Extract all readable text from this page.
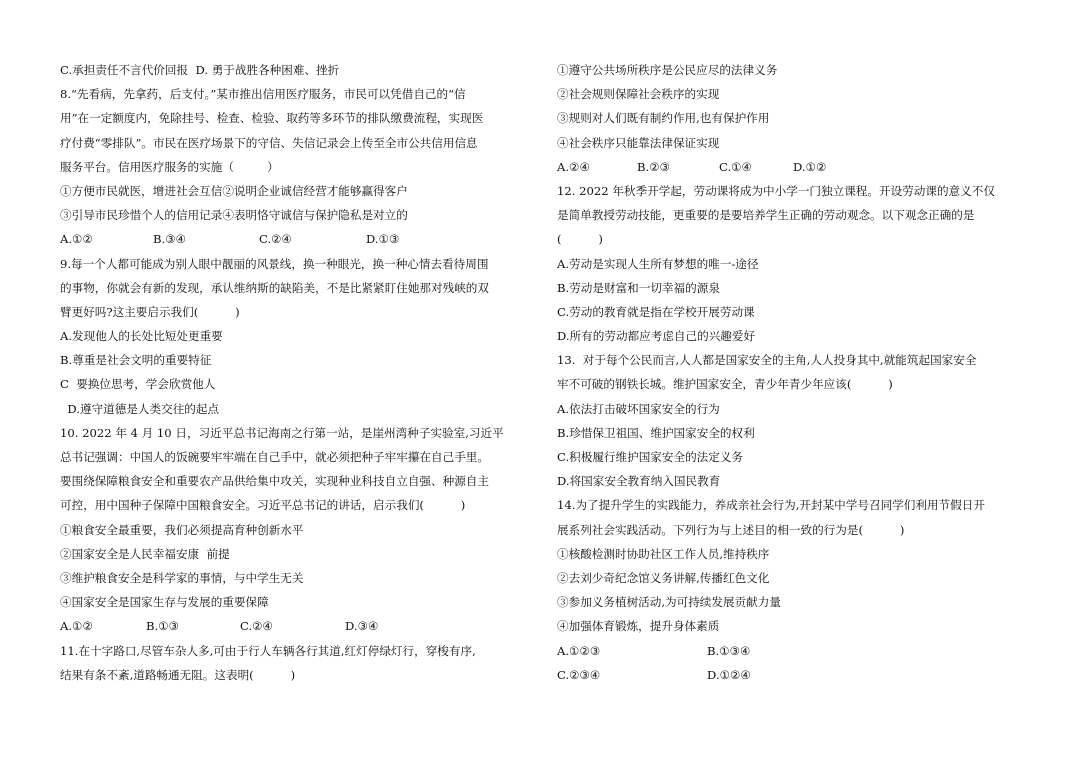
C.承担责任不言代价回报  D. 勇于战胜各种困难、挫折
8.“先看病，先拿药，后支付。”某市推出信用医疗服务，市民可以凭借自己的“信
用”在一定额度内，免除挂号、检查、检验、取药等多环节的排队缴费流程，实现医
疗付费“零排队”。市民在医疗场景下的守信、失信记录会上传至全市公共信用信息
服务平台。信用医疗服务的实施（         ）
①方便市民就医，增进社会互信②说明企业诚信经营才能够赢得客户
③引导市民珍惜个人的信用记录④表明恪守诚信与保护隐私是对立的
A.①②	B.③④	C.②④	D.①③
9.每一个人都可能成为别人眼中靓丽的风景线，换一种眼光，换一种心情去看待周围
的事物，你就会有新的发现，承认维纳斯的缺陷美，不是比紧紧盯住她那对残峡的双
臂更好吗?这主要启示我们(          )
A.发现他人的长处比短处更重要
B.尊重是社会文明的重要特征
C  要换位思考，学会欣赏他人
D.遵守道德是人类交往的起点
10. 2022 年 4 月 10 日，习近平总书记海南之行第一站，是崖州湾种子实验室,习近平
总书记强调：中国人的饭碗要牢牢端在自己手中，就必须把种子牢牢攥在自己手里。
要围绕保障粮食安全和重要农产品供给集中攻关，实现种业科技自立自强、种源自主
可控，用中国种子保障中国粮食安全。习近平总书记的讲话，启示我们(          )
①粮食安全最重要，我们必须提高育种创新水平
②国家安全是人民幸福安康  前提
③维护粮食安全是科学家的事情，与中学生无关
④国家安全是国家生存与发展的重要保障
A.①②	B.①③	C.②④	D.③④
11.在十字路口,尽管车杂人多,可由于行人车辆各行其道,红灯停绿灯行，穿梭有序,
结果有条不紊,道路畅通无阻。这表明(          )
①遵守公共场所秩序是公民应尽的法律义务
②社会规则保障社会秩序的实现
③规则对人们既有制约作用,也有保护作用
④社会秩序只能靠法律保证实现
A.②④	B.②③	C.①④	D.①②
12. 2022 年秋季开学起，劳动课将成为中小学一门独立课程。开设劳动课的意义不仅
是简单教授劳动技能，更重要的是要培养学生正确的劳动观念。以下观念正确的是
(          )
A.劳动是实现人生所有梦想的唯一-途径
B.劳动是财富和一切幸福的源泉
C.劳动的教育就是指在学校开展劳动课
D.所有的劳动都应考虑自己的兴趣爱好
13.  对于每个公民而言,人人都是国家安全的主角,人人投身其中,就能筑起国家安全
牢不可破的钢铁长城。维护国家安全，青少年青少年应该(          )
A.依法打击破坏国家安全的行为
B.珍惜保卫祖国、维护国家安全的权利
C.积极履行维护国家安全的法定义务
D.将国家安全教育纳入国民教育
14.为了提升学生的实践能力，养成亲社会行为,开封某中学号召同学们利用节假日开
展系列社会实践活动。下列行为与上述目的相一致的行为是(          )
①核酸检测时协助社区工作人员,维持秩序
②去刘少奇纪念馆义务讲解,传播红色文化
③参加义务植树活动,为可持续发展贡献力量
④加强体育锻炼，提升身体素质
A.①②③	B.①③④
C.②③④	D.①②④
